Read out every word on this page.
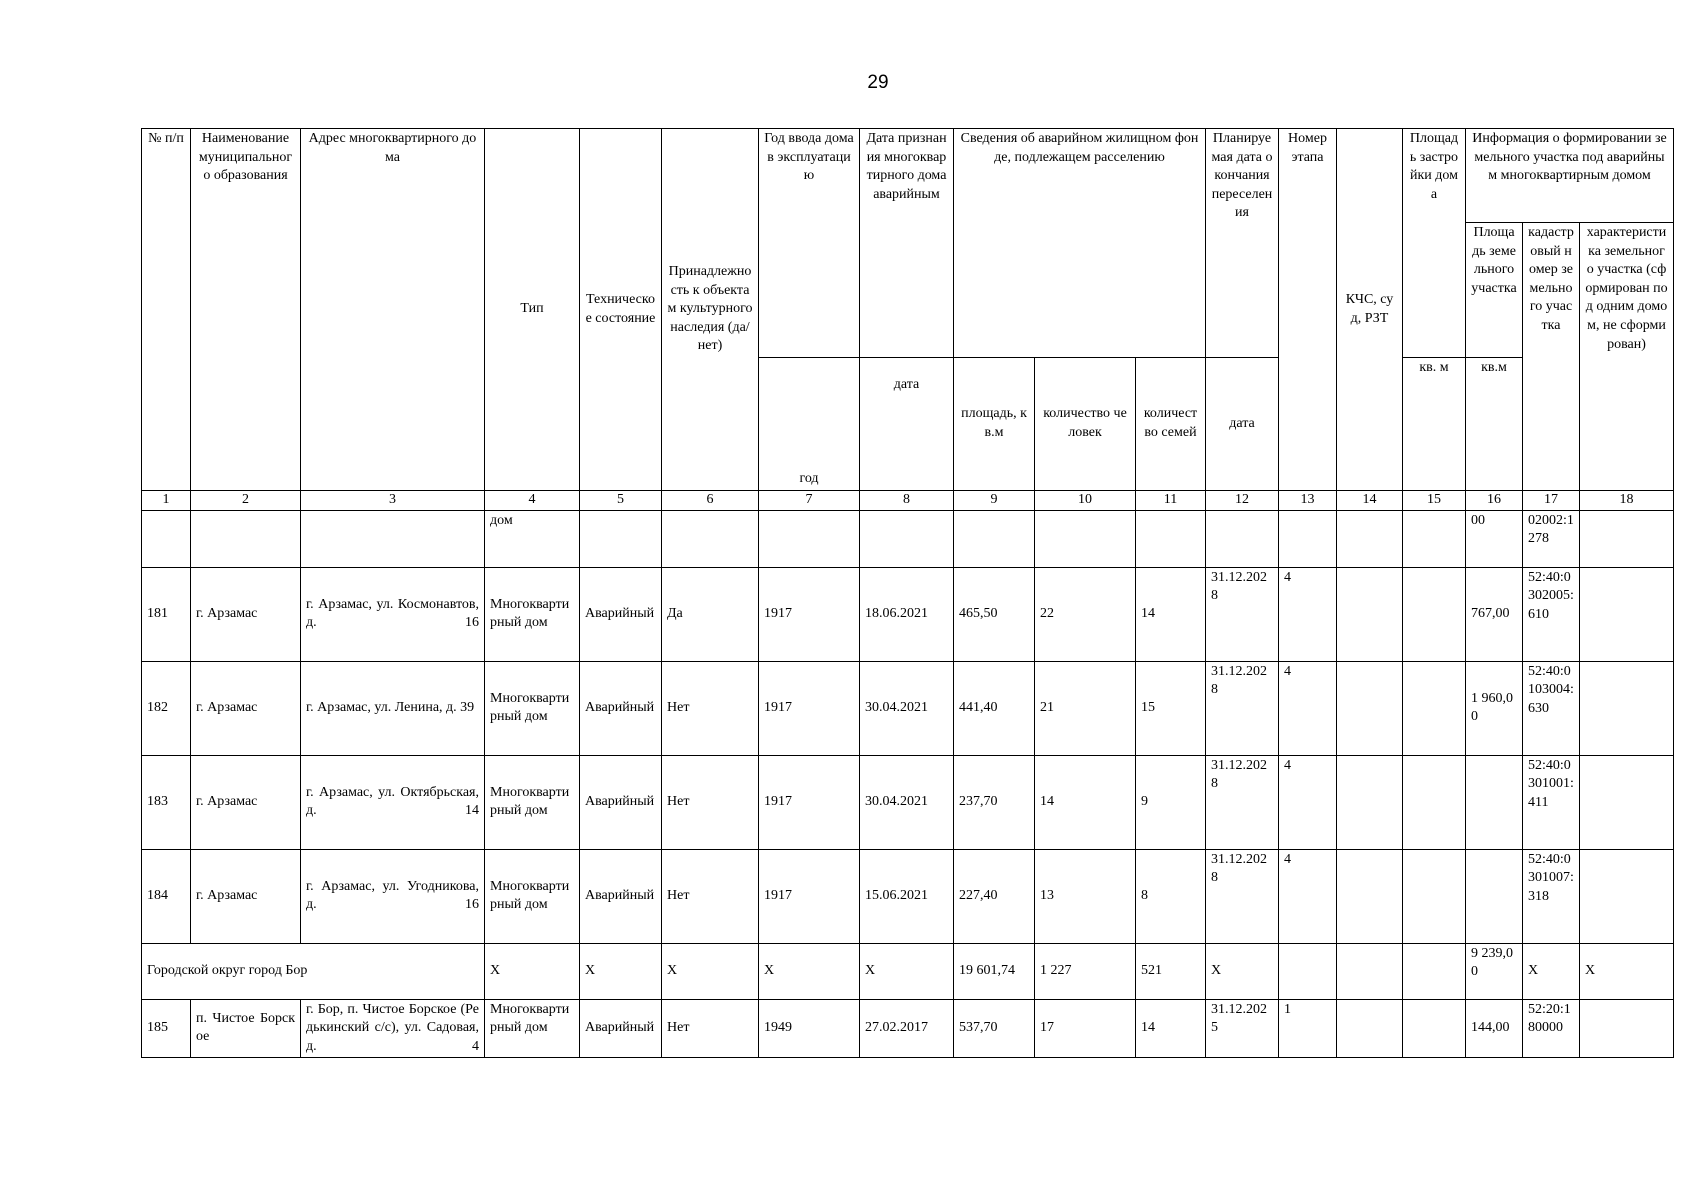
29
№ п/п	Наименование муниципального образования	Адрес многоквартирного дома	Тип	Техническое состояние	Принадлежность к объектам культурного наследия (да/нет)	Год ввода дома в эксплуатацию	Дата признания многоквартирного дома аварийным	Сведения об аварийном жилищном фонде, подлежащем расселению			Планируемая дата окончания переселения	Номер этапа	КЧС, суд, РЗТ	Площадь застройки дома	Информация о формировании земельного участка под аварийным многоквартирным домом		
															Площадь земельного участка	кадастровый номер земельного участка	характеристика земельного участка (сформирован под одним домом, не сформирован)
						год	дата	площадь, кв.м	количество человек	количество семей	дата			кв. м	кв.м		
1	2	3	4	5	6	7	8	9	10	11	12	13	14	15	16	17	18
			дом												00	02002:1278	
181	г. Арзамас	г. Арзамас, ул. Космонавтов, д. 16	Многоквартирный дом	Аварийный	Да	1917	18.06.2021	465,50	22	14	31.12.2028	4			767,00	52:40:0302005:610	
182	г. Арзамас	г. Арзамас, ул. Ленина, д. 39	Многоквартирный дом	Аварийный	Нет	1917	30.04.2021	441,40	21	15	31.12.2028	4			1 960,00	52:40:0103004:630	
183	г. Арзамас	г. Арзамас, ул. Октябрьская, д. 14	Многоквартирный дом	Аварийный	Нет	1917	30.04.2021	237,70	14	9	31.12.2028	4				52:40:0301001:411	
184	г. Арзамас	г. Арзамас, ул. Угодникова, д. 16	Многоквартирный дом	Аварийный	Нет	1917	15.06.2021	227,40	13	8	31.12.2028	4				52:40:0301007:318	
Городской округ город Бор			X	X	X	X	X	19 601,74	1 227	521	X				9 239,00	X	X
185	п. Чистое Борское	г. Бор, п. Чистое Борское (Редькинский с/с), ул. Садовая, д. 4	Многоквартирный дом	Аварийный	Нет	1949	27.02.2017	537,70	17	14	31.12.2025	1			144,00	52:20:180000	
